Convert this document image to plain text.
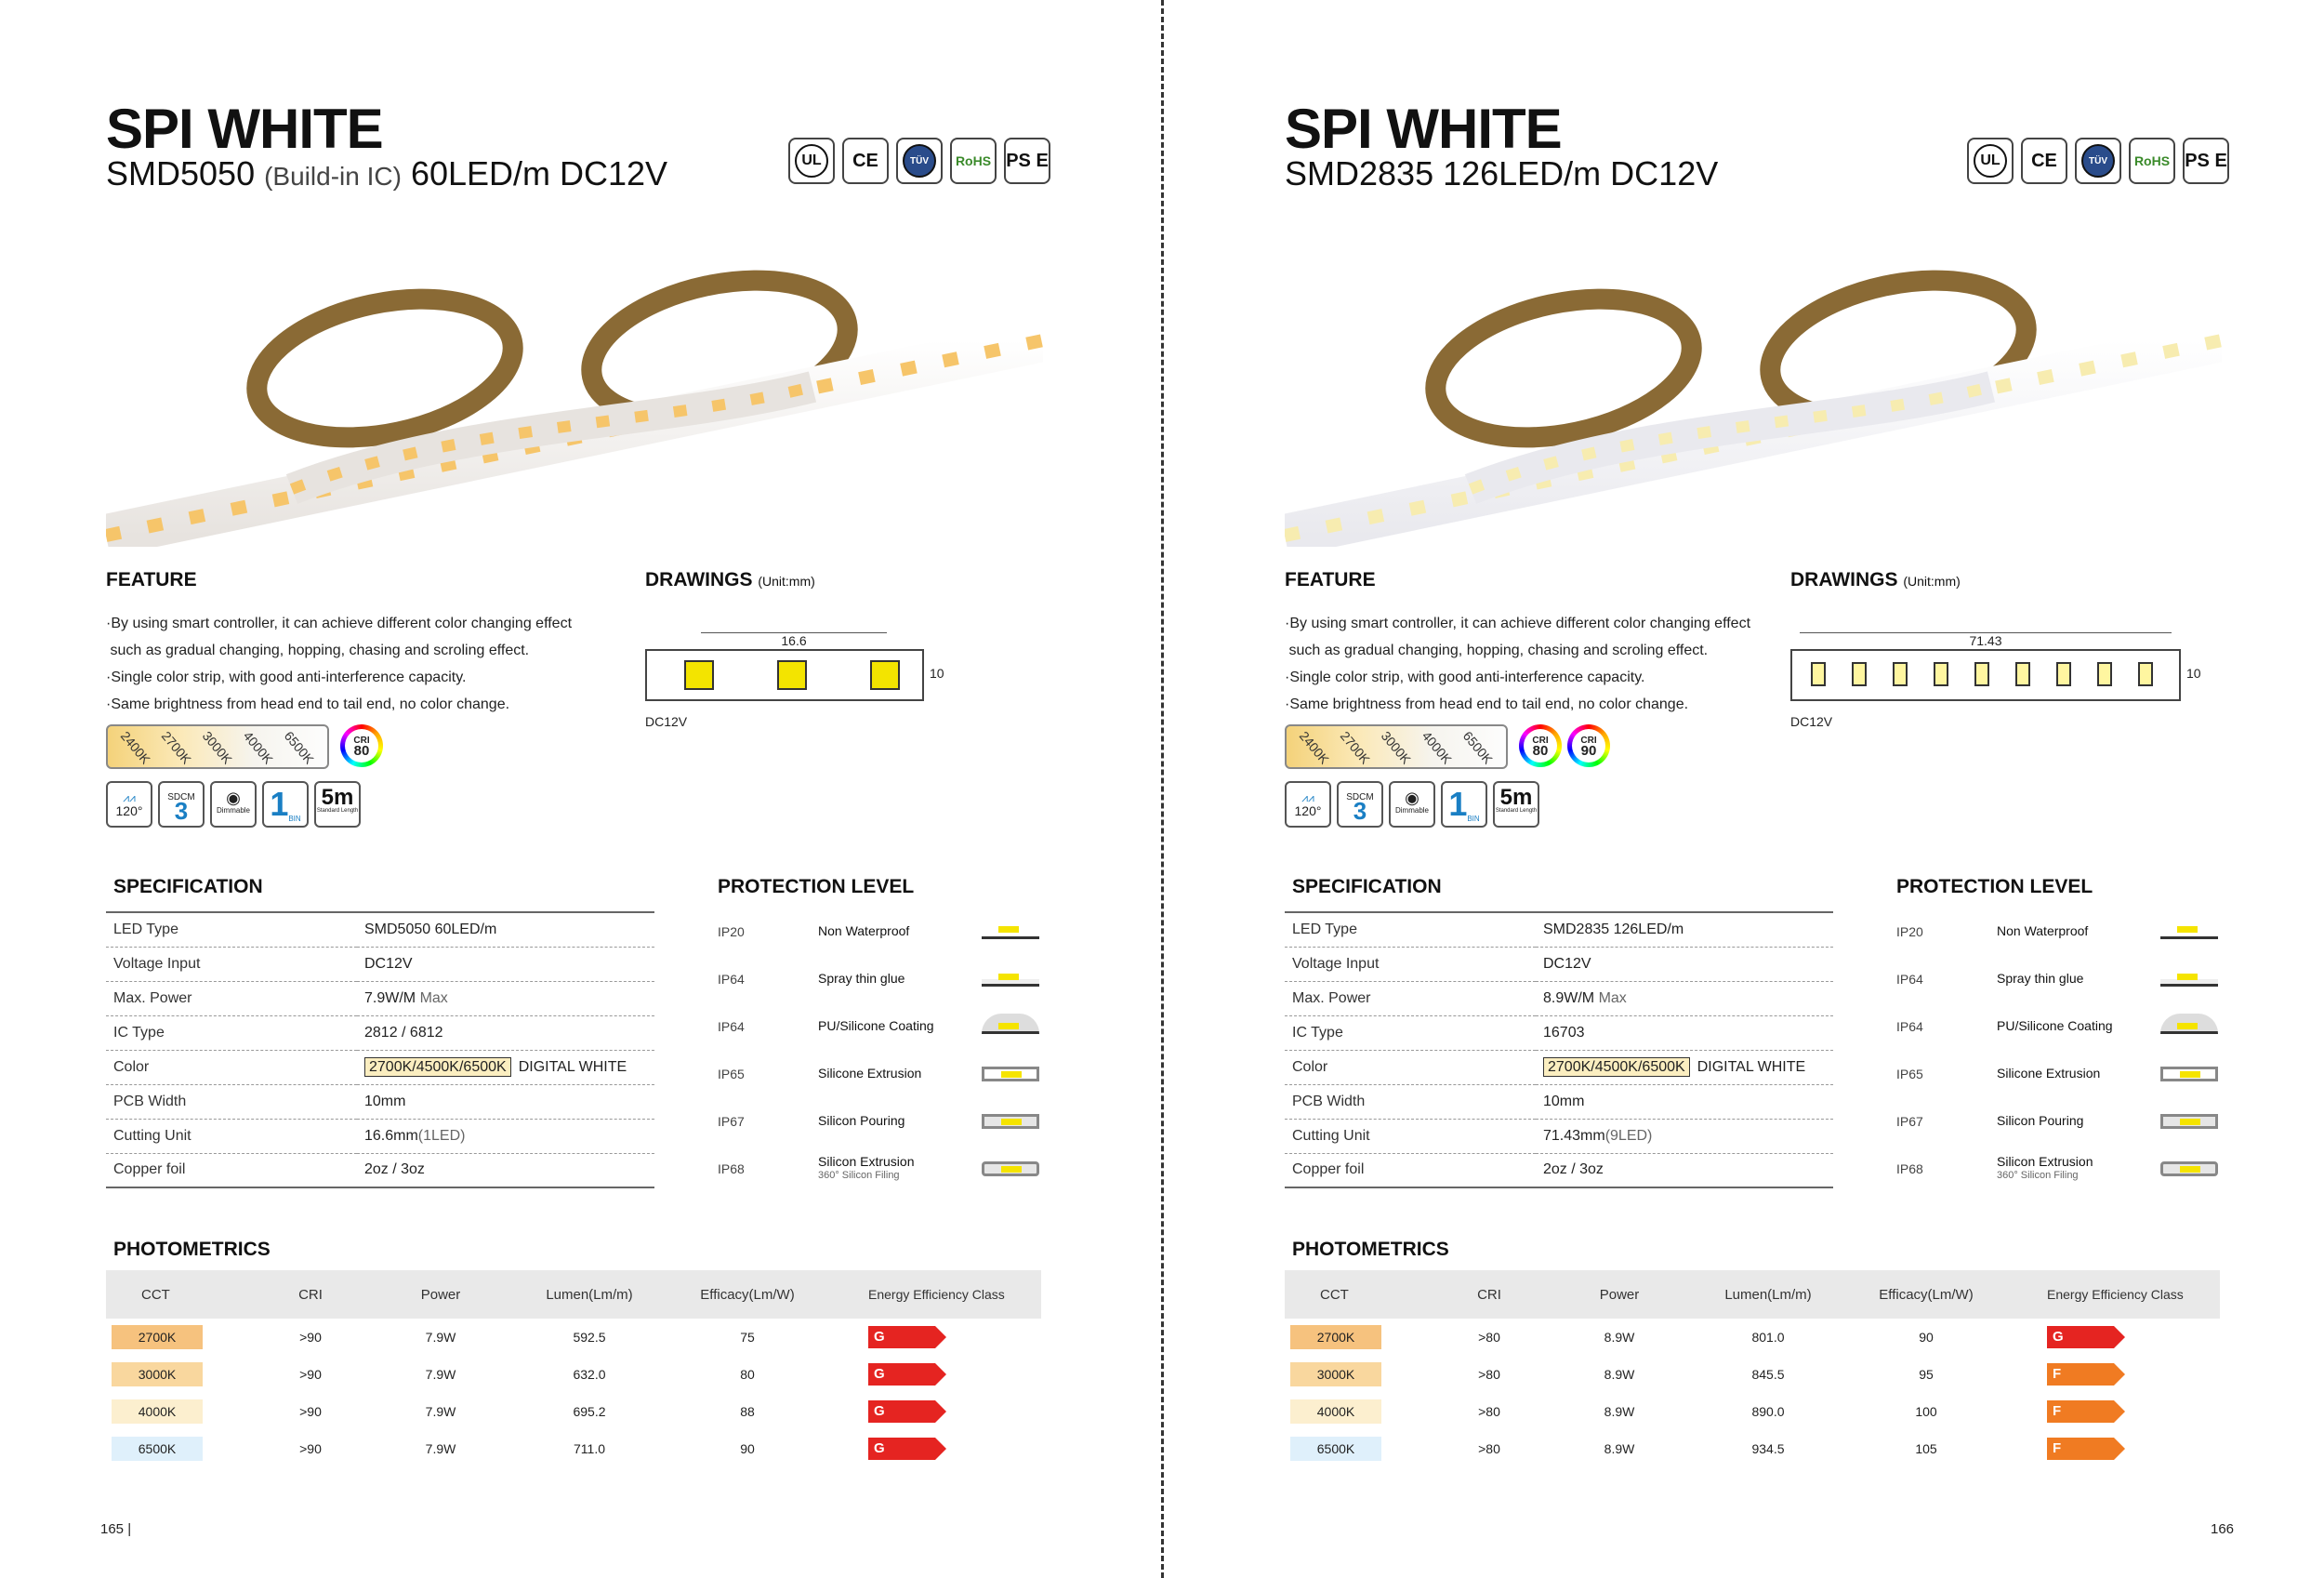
SPI WHITE
SMD5050 (Build-in IC) 60LED/m DC12V	UL	CE	TÜV	RoHS PS E
FEATURE
·By using smart controller, it can achieve different color changing effect
such as gradual changing, hopping, chasing and scroling effect.
·Single color strip, with good anti-interference capacity.
·Same brightness from head end to tail end, no color change.
2400K 2700K 3000K 4000K 6500K	CRI
80
⩘⩘
120°
SDCM
3 ◉
Dimmable 1 BIN
5m
Standard Length
DRAWINGS (Unit:mm)
16.6
10
DC12V
SPECIFICATION
LED Type	SMD5050 60LED/m
Voltage Input	DC12V
Max. Power	7.9W/M Max
IC Type	2812 / 6812
Color	2700K/4500K/6500K DIGITAL WHITE
PCB Width	10mm
Cutting Unit	16.6mm(1LED)
Copper foil	2oz / 3oz
PROTECTION LEVEL
IP20	Non Waterproof
IP64	Spray thin glue
IP64	PU/Silicone Coating
IP65	Silicone Extrusion
IP67	Silicon Pouring
IP68	Silicon Extrusion
360° Silicon Filing
PHOTOMETRICS
CCT	CRI	Power	Lumen(Lm/m)	Efficacy(Lm/W)	Energy Efficiency Class
2700K	>90	7.9W	592.5	75	G
3000K	>90	7.9W	632.0	80	G
4000K	>90	7.9W	695.2	88	G
6500K	>90	7.9W	711.0	90	G
165 |
SPI WHITE
SMD2835 126LED/m DC12V	UL	CE	TÜV	RoHS PS E
FEATURE
·By using smart controller, it can achieve different color changing effect
such as gradual changing, hopping, chasing and scroling effect.
·Single color strip, with good anti-interference capacity.
·Same brightness from head end to tail end, no color change.
2400K 2700K 3000K 4000K 6500K	CRI
80
CRI
90
⩘⩘
120°
SDCM
3 ◉
Dimmable 1 BIN
5m
Standard Length
DRAWINGS (Unit:mm)
71.43
10
DC12V
SPECIFICATION
LED Type	SMD2835 126LED/m
Voltage Input	DC12V
Max. Power	8.9W/M Max
IC Type	16703
Color	2700K/4500K/6500K DIGITAL WHITE
PCB Width	10mm
Cutting Unit	71.43mm(9LED)
Copper foil	2oz / 3oz
PROTECTION LEVEL
IP20	Non Waterproof
IP64	Spray thin glue
IP64	PU/Silicone Coating
IP65	Silicone Extrusion
IP67	Silicon Pouring
IP68	Silicon Extrusion
360° Silicon Filing
PHOTOMETRICS
CCT	CRI	Power	Lumen(Lm/m)	Efficacy(Lm/W)	Energy Efficiency Class
2700K	>80	8.9W	801.0	90	G
3000K	>80	8.9W	845.5	95	F
4000K	>80	8.9W	890.0	100	F
6500K	>80	8.9W	934.5	105	F
166
